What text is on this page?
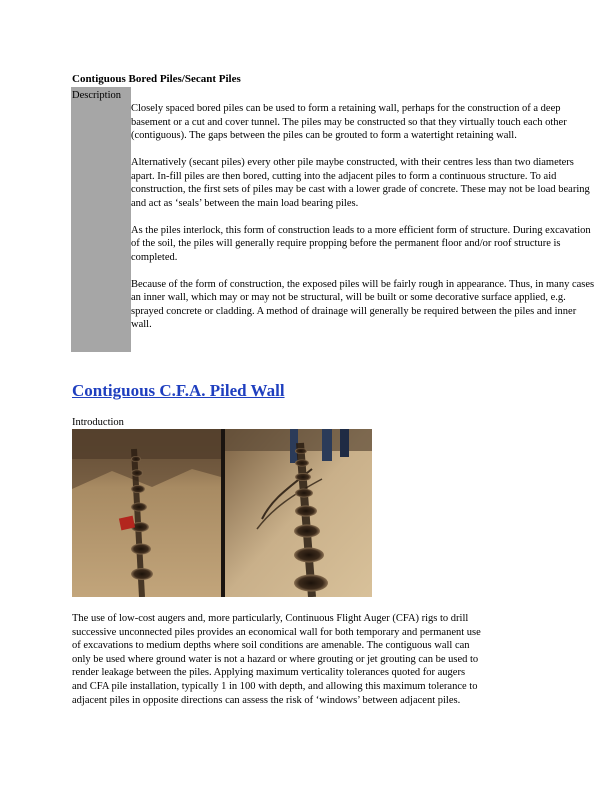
Contiguous Bored Piles/Secant Piles
Description

Closely spaced bored piles can be used to form a retaining wall, perhaps for the construction of a deep
basement or a cut and cover tunnel. The piles may be constructed so that they virtually touch each other
(contiguous). The gaps between the piles can be grouted to form a watertight retaining wall.

Alternatively (secant piles) every other pile maybe constructed, with their centres less than two diameters
apart. In-fill piles are then bored, cutting into the adjacent piles to form a continuous structure. To aid
construction, the first sets of piles may be cast with a lower grade of concrete. These may not be load bearing
and act as ‘seals’ between the main load bearing piles.

As the piles interlock, this form of construction leads to a more efficient form of structure. During excavation
of the soil, the piles will generally require propping before the permanent floor and/or roof structure is
completed.

Because of the form of construction, the exposed piles will be fairly rough in appearance. Thus, in many cases
an inner wall, which may or may not be structural, will be built or some decorative surface applied, e.g.
sprayed concrete or cladding. A method of drainage will generally be required between the piles and inner
wall.

Contiguous C.F.A. Piled Wall
Introduction
The use of low-cost augers and, more particularly, Continuous Flight Auger (CFA) rigs to drill
successive unconnected piles provides an economical wall for both temporary and permanent use
of excavations to medium depths where soil conditions are amenable. The contiguous wall can
only be used where ground water is not a hazard or where grouting or jet grouting can be used to
render leakage between the piles. Applying maximum verticality tolerances quoted for augers
and CFA pile installation, typically 1 in 100 with depth, and allowing this maximum tolerance to
adjacent piles in opposite directions can assess the risk of ‘windows’ between adjacent piles.
